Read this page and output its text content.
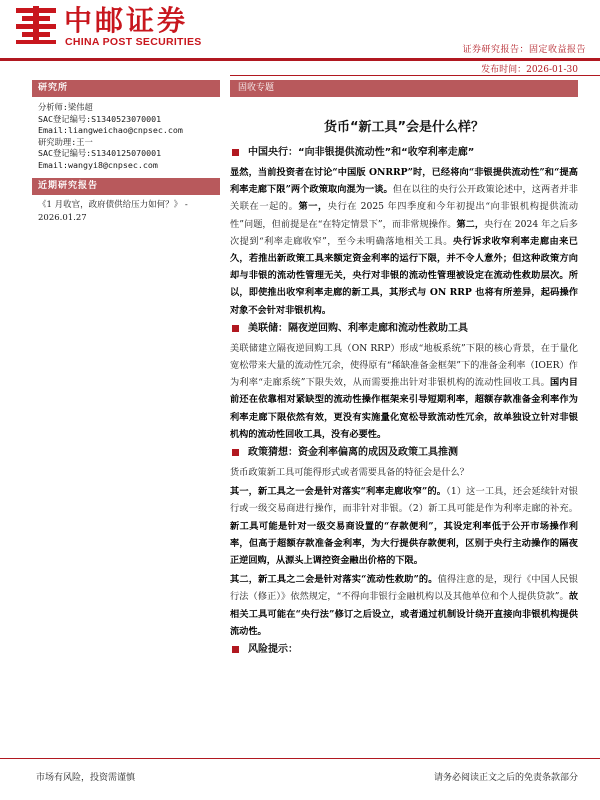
中邮证券
CHINA POST SECURITIES
证券研究报告：固定收益报告
发布时间：2026-01-30
研究所
分析师:梁伟超
SAC登记编号:S1340523070001
Email:liangweichao@cnpsec.com
研究助理:王一
SAC登记编号:S1340125070001
Email:wangyi8@cnpsec.com
近期研究报告
《1 月收官，政府债供给压力如何？》 - 2026.01.27
固收专题
货币“新工具”会是什么样？
中国央行：“向非银提供流动性”和“收窄利率走廊”

显然，当前投资者在讨论“中国版 ONRRP”时，已经将向“非银提供流动性”和“提高利率走廊下限”两个政策取向混为一谈。但在以往的央行公开政策论述中，这两者并非关联在一起的。第一，央行在 2025 年四季度和今年初提出“向非银机构提供流动性”问题，但前提是在“在特定情景下”，而非常规操作。第二，央行在 2024 年之后多次提到“利率走廊收窄”，至今未明确落地相关工具。央行诉求收窄利率走廊由来已久，若推出新政策工具来额定资金利率的运行下限，并不令人意外；但这种政策方向却与非银的流动性管理无关，央行对非银的流动性管理被设定在流动性救助层次。所以，即使推出收窄利率走廊的新工具，其形式与 ON RRP 也将有所差异，起码操作对象不会针对非银机构。

美联储：隔夜逆回购、利率走廊和流动性救助工具

美联储建立隔夜逆回购工具（ON RRP）形成“地板系统”下限的核心背景，在于量化宽松带来大量的流动性冗余，使得原有“稀缺准备金框架”下的准备金利率（IOER）作为利率“走廊系统”下限失效，从而需要推出针对非银机构的流动性回收工具。国内目前还在依靠相对紧缺型的流动性操作框架来引导短期利率，超额存款准备金利率作为利率走廊下限依然有效，更没有实施量化宽松导致流动性冗余，故单独设立针对非银机构的流动性回收工具，没有必要性。

政策猜想：资金利率偏离的成因及政策工具推测

货币政策新工具可能得形式或者需要具备的特征会是什么？

其一，新工具之一会是针对落实“利率走廊收窄”的。（1）这一工具，还会延续针对银行或一级交易商进行操作，而非针对非银。（2）新工具可能是作为利率走廊的补充。新工具可能是针对一级交易商设置的“存款便利”，其设定利率低于公开市场操作利率，但高于超额存款准备金利率，为大行提供存款便利，区别于央行主动操作的隔夜正逆回购，从源头上调控资金融出价格的下限。

其二，新工具之二会是针对落实“流动性救助”的。值得注意的是，现行《中国人民银行法（修正）》依然规定，“不得向非银行金融机构以及其他单位和个人提供贷款”。故相关工具可能在“央行法”修订之后设立，或者通过机制设计绕开直接向非银机构提供流动性。

风险提示：
市场有风险，投资需谨慎	请务必阅读正文之后的免责条款部分
